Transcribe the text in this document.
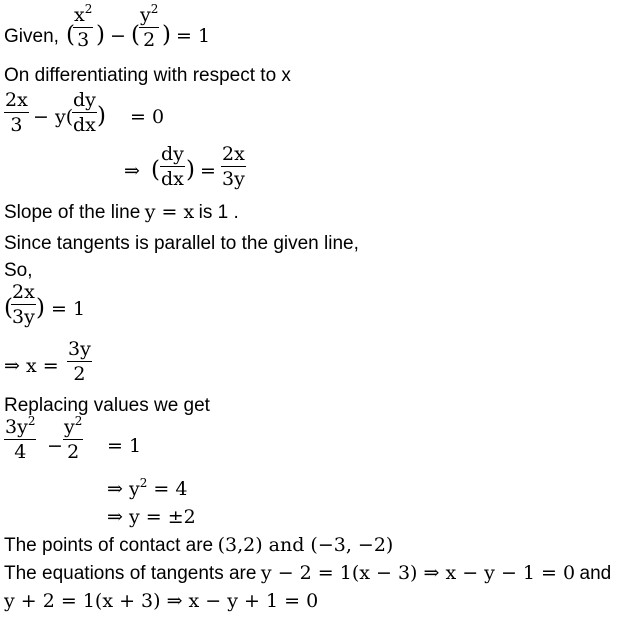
Given, (
$x^2$
3 ) − (
$y^2$
2 ) = 1
On differentiating with respect to x
2x
3 − y(
dy
dx ) = 0
⇒ (
dy
dx ) =
2x
3y
Slope of the line y = x is 1 .
Since tangents is parallel to the given line,
So,
(
2x
3y ) = 1
⇒ x =
3y
2
Replacing values we get
$3y^2$
4 −
$y^2$
2 = 1
⇒ $y^2 = 4$
⇒ y = ±2
The points of contact are (3,2) and (−3, −2)
The equations of tangents are y − 2 = 1(x − 3) ⇒ x − y − 1 = 0 and
y + 2 = 1(x + 3) ⇒ x − y + 1 = 0
